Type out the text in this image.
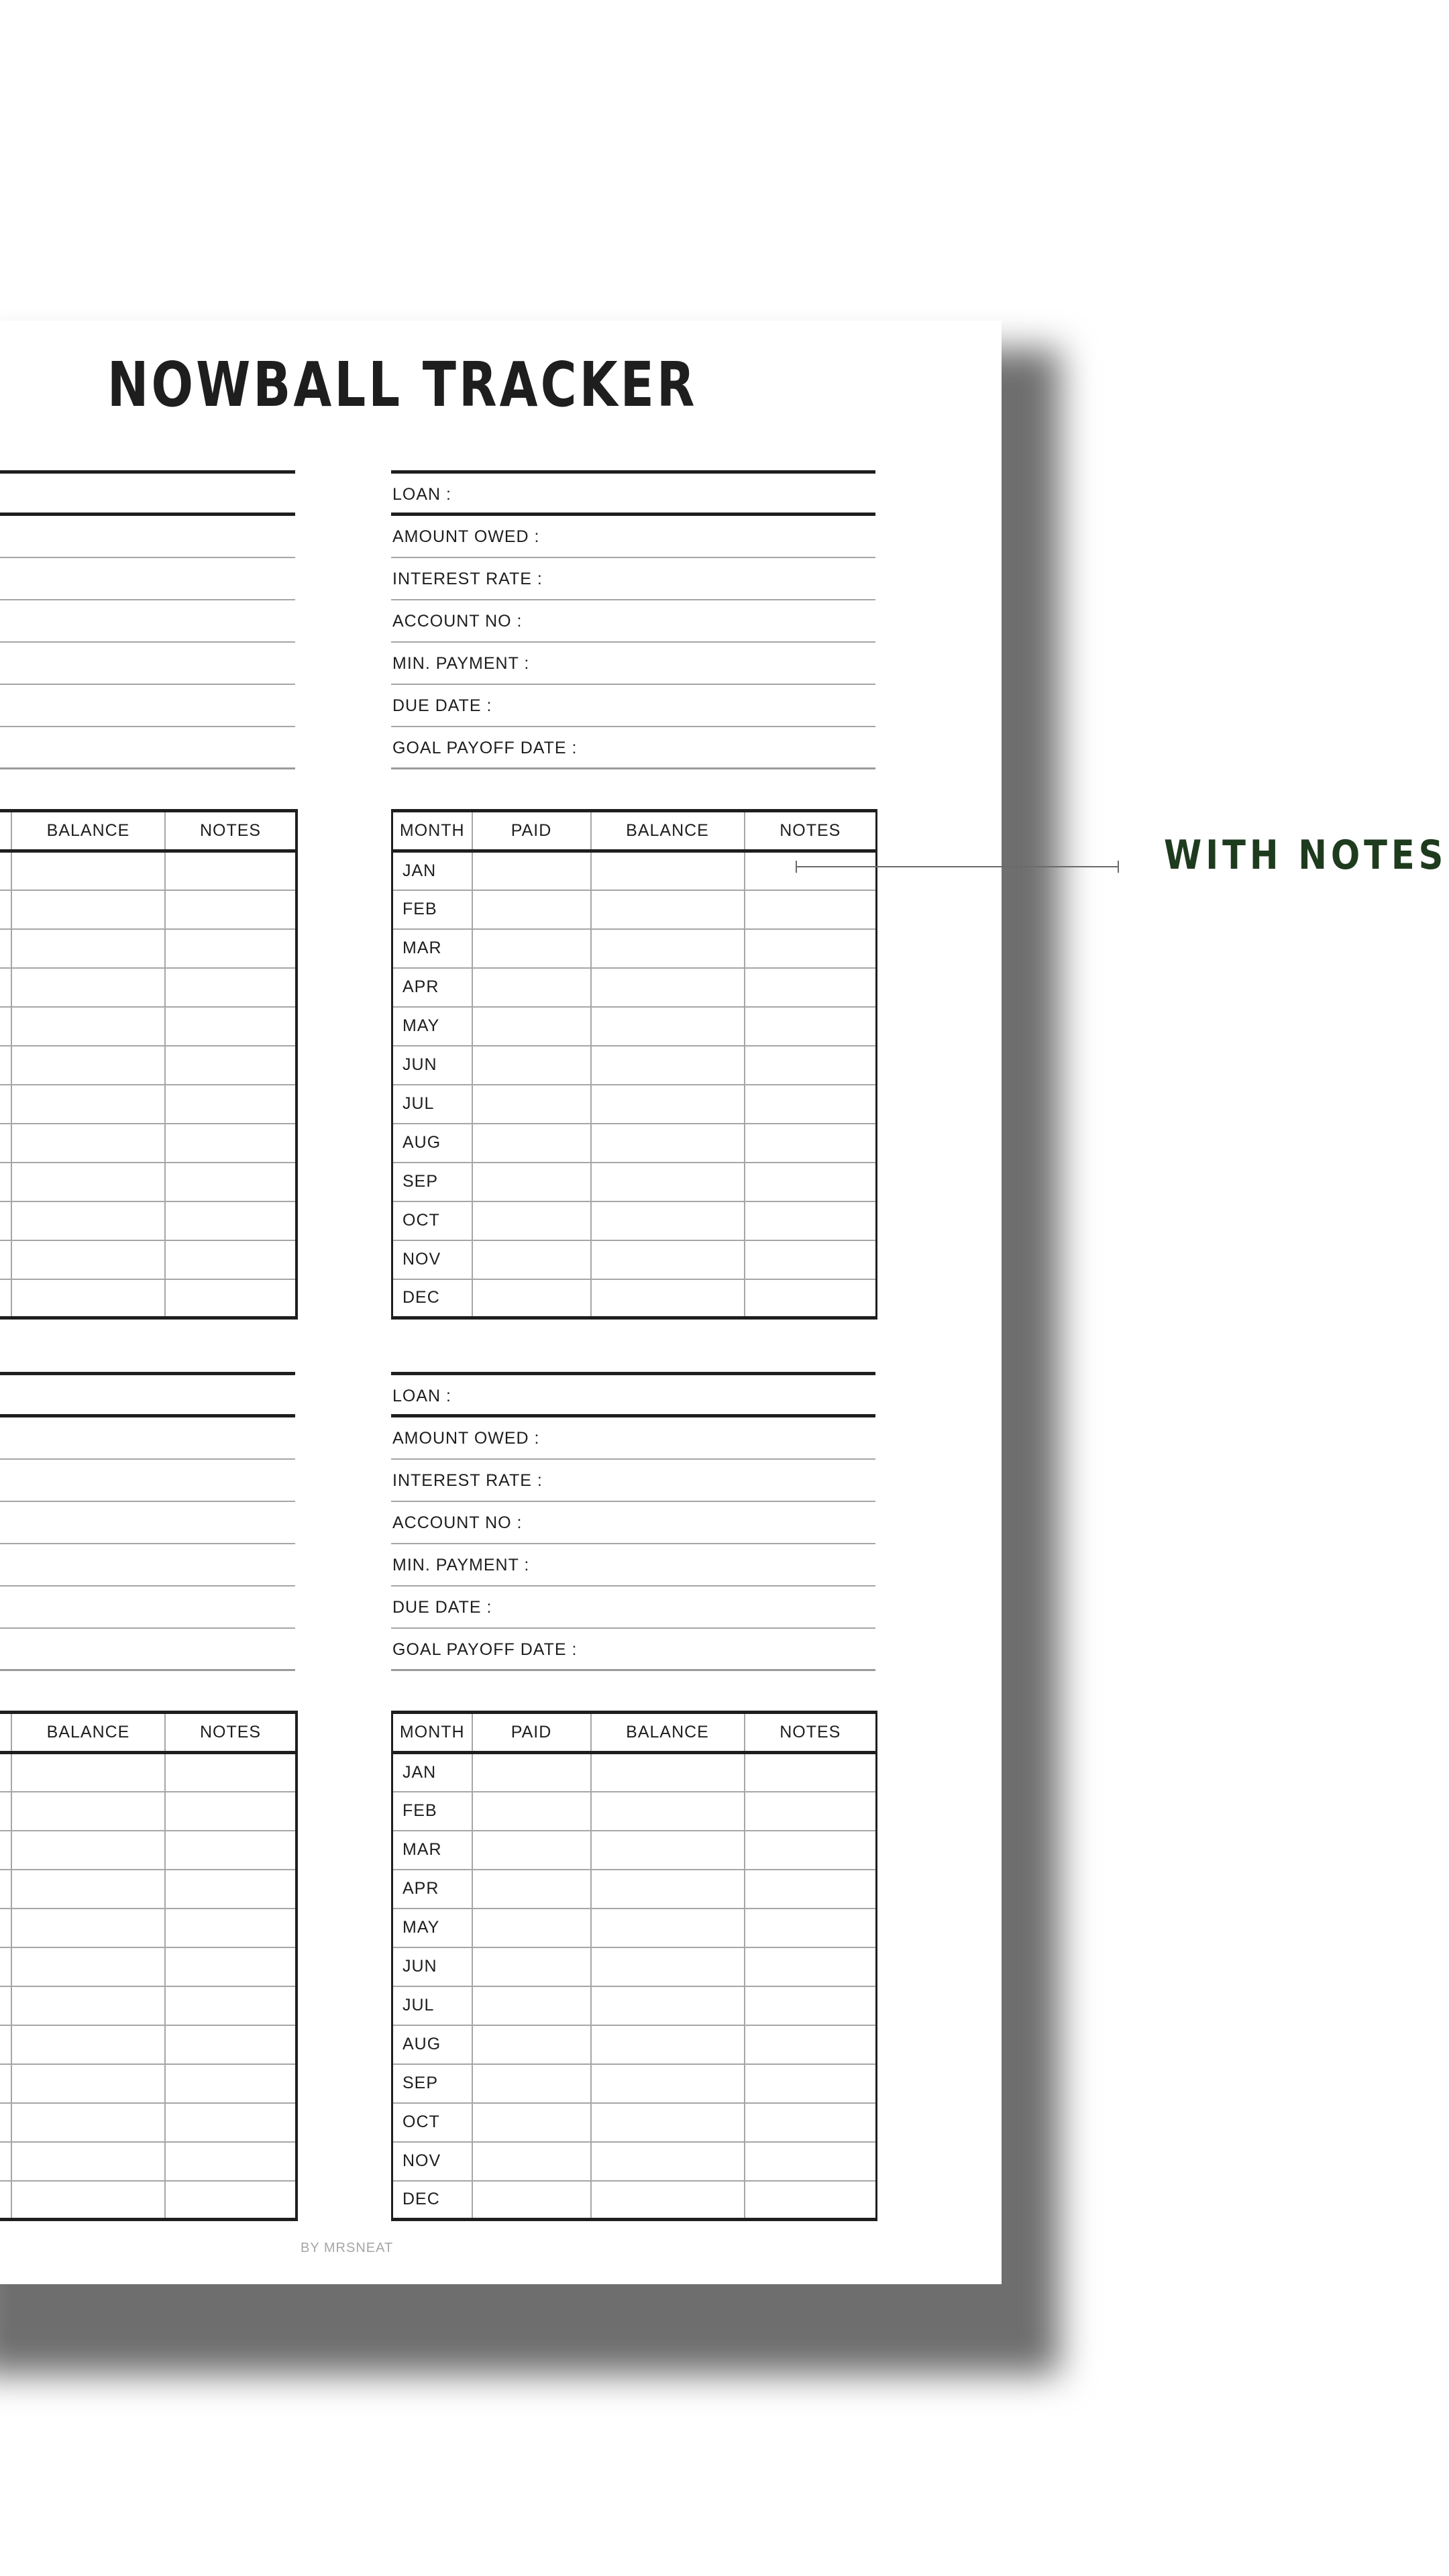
NOWBALL TRACKER
LOAN :
AMOUNT OWED :
INTEREST RATE :
ACCOUNT NO :
MIN. PAYMENT :
DUE DATE :
GOAL PAYOFF DATE :
	BALANCE	NOTES

			MONTH	PAID	BALANCE	NOTES
JAN			
FEB			
MAR			
APR			
MAY			
JUN			
JUL			
AUG			
SEP			
OCT			
NOV			
DEC			
LOAN :
AMOUNT OWED :
INTEREST RATE :
ACCOUNT NO :
MIN. PAYMENT :
DUE DATE :
GOAL PAYOFF DATE :
	BALANCE	NOTES

			MONTH	PAID	BALANCE	NOTES
JAN			
FEB			
MAR			
APR			
MAY			
JUN			
JUL			
AUG			
SEP			
OCT			
NOV			
DEC			
BY MRSNEAT
WITH NOTES
